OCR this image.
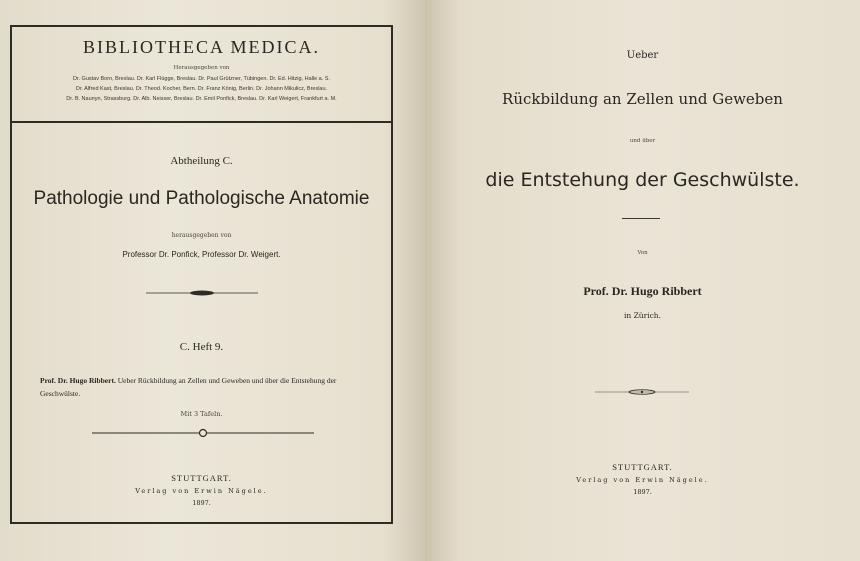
BIBLIOTHECA MEDICA.
Herausgegeben von
Dr. Gustav Born, Breslau. Dr. Karl Flügge, Breslau. Dr. Paul Grützner, Tübingen. Dr. Ed. Hitzig, Halle a. S.
Dr. Alfred Kast, Breslau. Dr. Theod. Kocher, Bern. Dr. Franz König, Berlin. Dr. Johann Mikulicz, Breslau.
Dr. B. Naunyn, Strassburg. Dr. Alb. Neisser, Breslau. Dr. Emil Ponfick, Breslau. Dr. Karl Weigert, Frankfurt a. M.
Abtheilung C.
Pathologie und Pathologische Anatomie
herausgegeben von
Professor Dr. Ponfick, Professor Dr. Weigert.
C. Heft 9.
Prof. Dr. Hugo Ribbert. Ueber Rückbildung an Zellen und Geweben und über die Entstehung der Geschwülste.
Mit 3 Tafeln.
STUTTGART.
Verlag von Erwin Nägele.
1897.
Ueber
Rückbildung an Zellen und Geweben
und über
die Entstehung der Geschwülste.
Von
Prof. Dr. Hugo Ribbert
in Zürich.
STUTTGART.
Verlag von Erwin Nägele.
1897.
